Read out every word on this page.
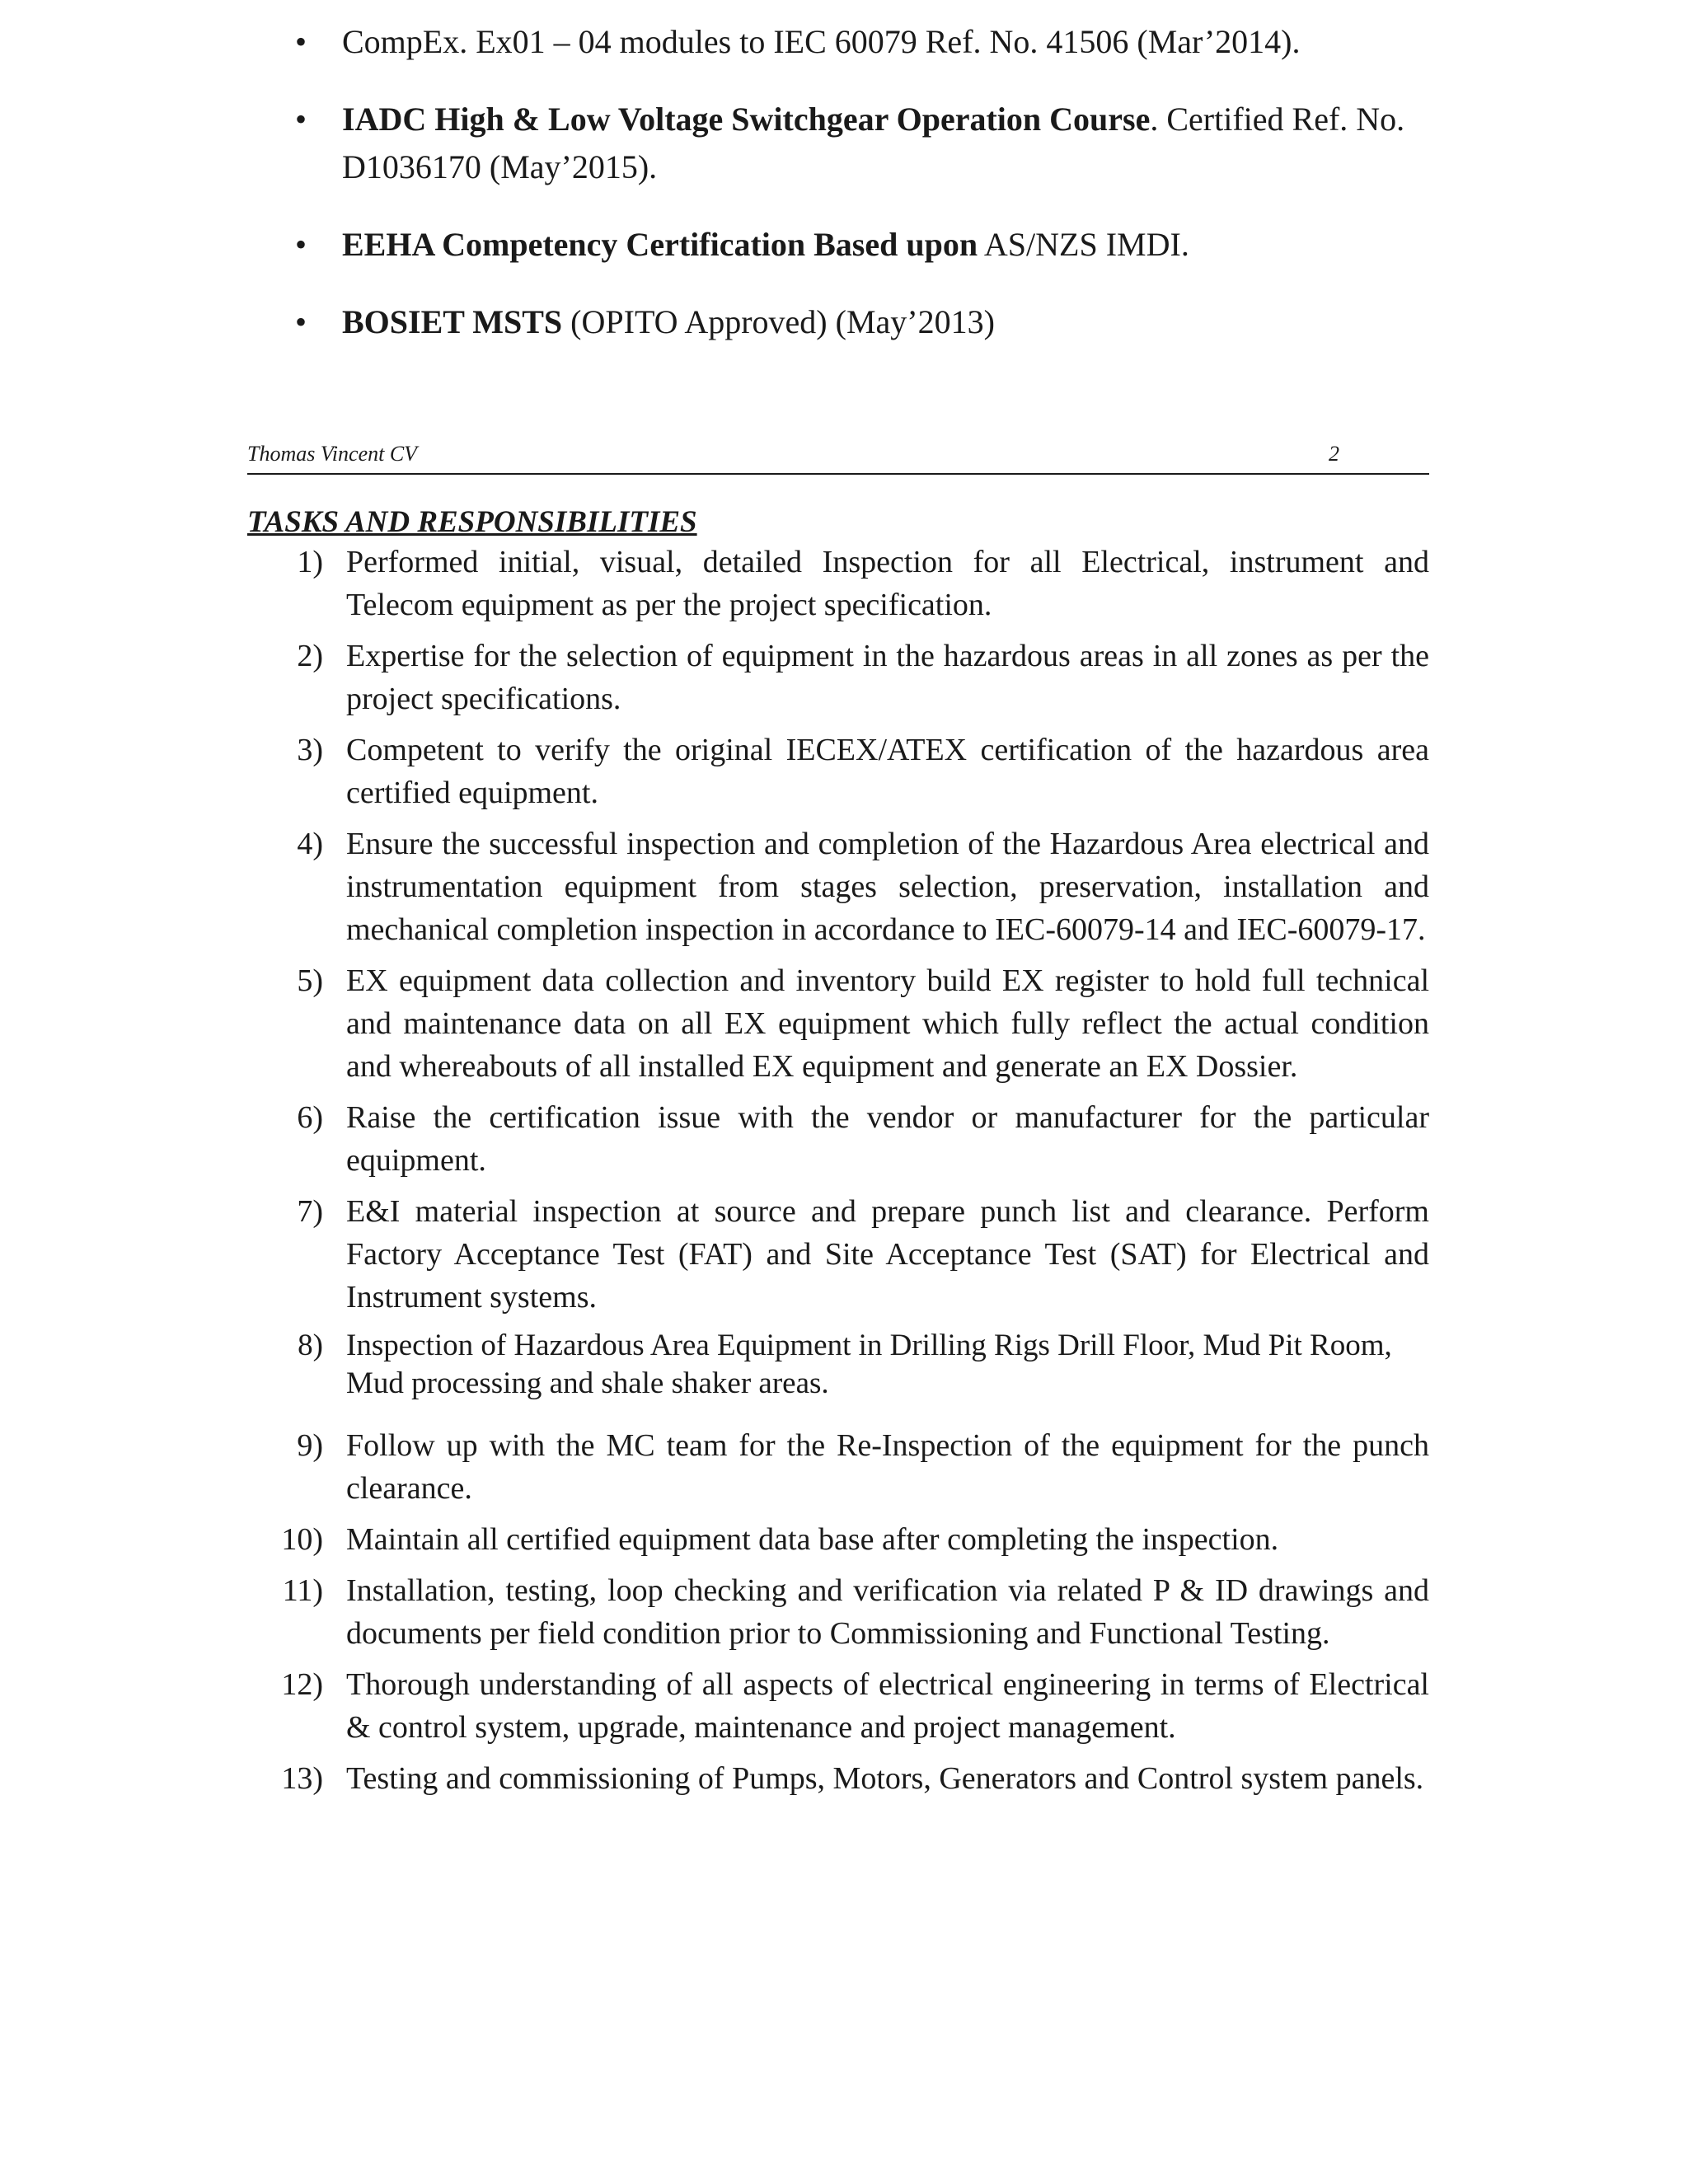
• CompEx. Ex01 – 04 modules to IEC 60079 Ref. No. 41506 (Mar’2014).
• IADC High & Low Voltage Switchgear Operation Course. Certified Ref. No. D1036170 (May’2015).
• EEHA Competency Certification Based upon AS/NZS IMDI.
• BOSIET MSTS (OPITO Approved) (May’2013)
Thomas Vincent CV	2
TASKS AND RESPONSIBILITIES
1) Performed initial, visual, detailed Inspection for all Electrical, instrument and Telecom equipment as per the project specification.
2) Expertise for the selection of equipment in the hazardous areas in all zones as per the project specifications.
3) Competent to verify the original IECEX/ATEX certification of the hazardous area certified equipment.
4) Ensure the successful inspection and completion of the Hazardous Area electrical and instrumentation equipment from stages selection, preservation, installation and mechanical completion inspection in accordance to IEC-60079-14 and IEC-60079-17.
5) EX equipment data collection and inventory build EX register to hold full technical and maintenance data on all EX equipment which fully reflect the actual condition and whereabouts of all installed EX equipment and generate an EX Dossier.
6) Raise the certification issue with the vendor or manufacturer for the particular equipment.
7) E&I material inspection at source and prepare punch list and clearance. Perform Factory Acceptance Test (FAT) and Site Acceptance Test (SAT) for Electrical and Instrument systems.
8) Inspection of Hazardous Area Equipment in Drilling Rigs Drill Floor, Mud Pit Room, Mud processing and shale shaker areas.
9) Follow up with the MC team for the Re-Inspection of the equipment for the punch clearance.
10) Maintain all certified equipment data base after completing the inspection.
11) Installation, testing, loop checking and verification via related P & ID drawings and documents per field condition prior to Commissioning and Functional Testing.
12) Thorough understanding of all aspects of electrical engineering in terms of Electrical & control system, upgrade, maintenance and project management.
13) Testing and commissioning of Pumps, Motors, Generators and Control system panels.
